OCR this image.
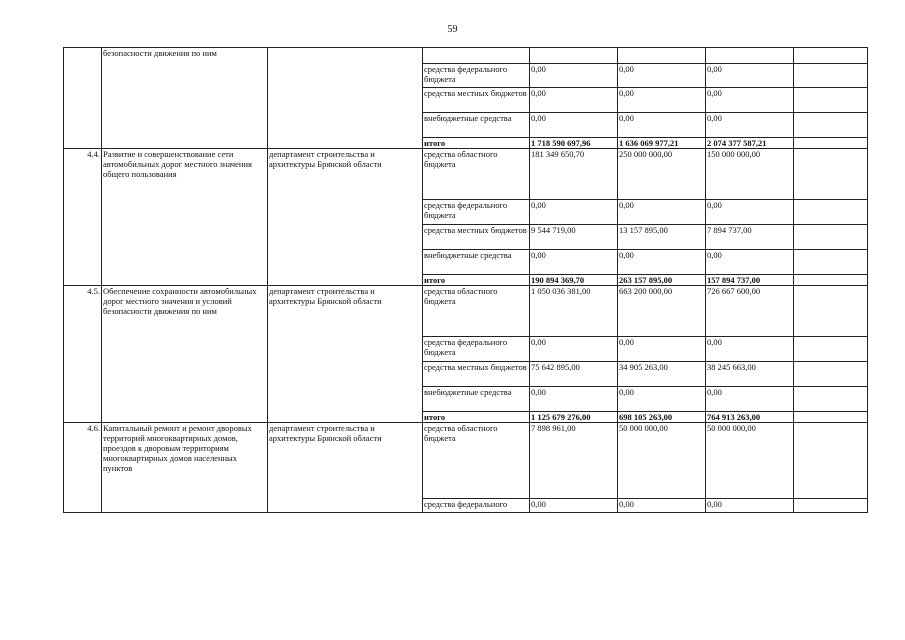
59
	безопасности движения по ним						
			средства федерального бюджета	0,00	0,00	0,00	
			средства местных бюджетов	0,00	0,00	0,00	
			внебюджетные средства	0,00	0,00	0,00	
			итого	1 718 590 697,96	1 636 069 977,21	2 074 377 587,21	
4.4.	Развитие и совершенствование сети автомобильных дорог местного значения общего пользования	департамент строительства и архитектуры Брянской области	средства областного бюджета	181 349 650,70	250 000 000,00	150 000 000,00	
			средства федерального бюджета	0,00	0,00	0,00	
			средства местных бюджетов	9 544 719,00	13 157 895,00	7 894 737,00	
			внебюджетные средства	0,00	0,00	0,00	
			итого	190 894 369,70	263 157 895,00	157 894 737,00	
4.5.	Обеспечение сохранности автомобильных дорог местного значения и условий безопасности движения по ним	департамент строительства и архитектуры Брянской области	средства областного бюджета	1 050 036 381,00	663 200 000,00	726 667 600,00	
			средства федерального бюджета	0,00	0,00	0,00	
			средства местных бюджетов	75 642 895,00	34 905 263,00	38 245 663,00	
			внебюджетные средства	0,00	0,00	0,00	
			итого	1 125 679 276,00	698 105 263,00	764 913 263,00	
4.6.	Капитальный ремонт и ремонт дворовых территорий многоквартирных домов, проездов к дворовым территориям многоквартирных домов населенных пунктов	департамент строительства и архитектуры Брянской области	средства областного бюджета	7 898 961,00	50 000 000,00	50 000 000,00	
			средства федерального	0,00	0,00	0,00	
